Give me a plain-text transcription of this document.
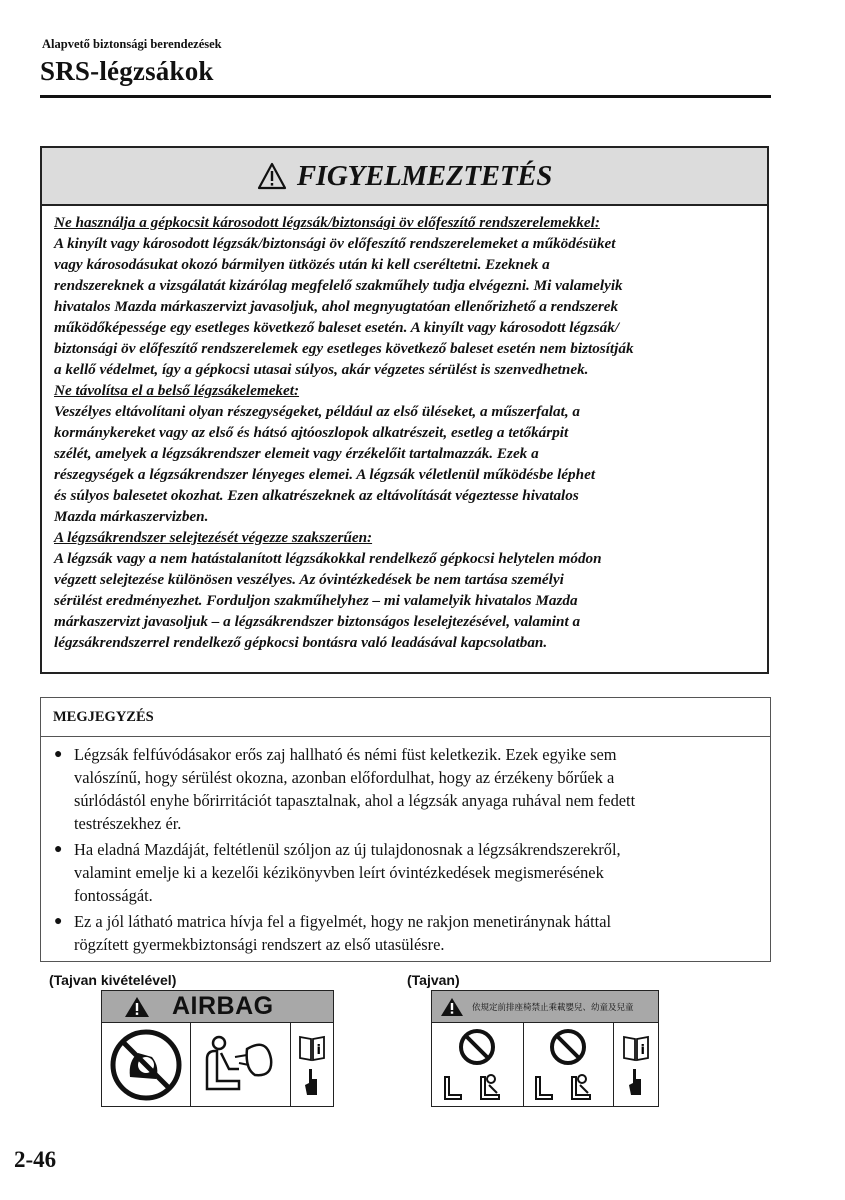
Alapvető biztonsági berendezések
SRS-légzsákok
FIGYELMEZTETÉS
Ne használja a gépkocsit károsodott légzsák/biztonsági öv előfeszítő rendszerelemekkel:
A kinyílt vagy károsodott légzsák/biztonsági öv előfeszítő rendszerelemeket a működésüket
vagy károsodásukat okozó bármilyen ütközés után ki kell cseréltetni. Ezeknek a
rendszereknek a vizsgálatát kizárólag megfelelő szakműhely tudja elvégezni. Mi valamelyik
hivatalos Mazda márkaszervizt javasoljuk, ahol megnyugtatóan ellenőrizhető a rendszerek
működőképessége egy esetleges következő baleset esetén. A kinyílt vagy károsodott légzsák/
biztonsági öv előfeszítő rendszerelemek egy esetleges következő baleset esetén nem biztosítják
a kellő védelmet, így a gépkocsi utasai súlyos, akár végzetes sérülést is szenvedhetnek.
Ne távolítsa el a belső légzsákelemeket:
Veszélyes eltávolítani olyan részegységeket, például az első üléseket, a műszerfalat, a
kormánykereket vagy az első és hátsó ajtóoszlopok alkatrészeit, esetleg a tetőkárpit
szélét, amelyek a légzsákrendszer elemeit vagy érzékelőit tartalmazzák. Ezek a
részegységek a légzsákrendszer lényeges elemei. A légzsák véletlenül működésbe léphet
és súlyos balesetet okozhat. Ezen alkatrészeknek az eltávolítását végeztesse hivatalos
Mazda márkaszervizben.
A légzsákrendszer selejtezését végezze szakszerűen:
A légzsák vagy a nem hatástalanított légzsákokkal rendelkező gépkocsi helytelen módon
végzett selejtezése különösen veszélyes. Az óvintézkedések be nem tartása személyi
sérülést eredményezhet. Forduljon szakműhelyhez – mi valamelyik hivatalos Mazda
márkaszervizt javasoljuk – a légzsákrendszer biztonságos leselejtezésével, valamint a
légzsákrendszerrel rendelkező gépkocsi bontásra való leadásával kapcsolatban.
MEGJEGYZÉS
● Légzsák felfúvódásakor erős zaj hallható és némi füst keletkezik. Ezek egyike sem
valószínű, hogy sérülést okozna, azonban előfordulhat, hogy az érzékeny bőrűek a
súrlódástól enyhe bőrirritációt tapasztalnak, ahol a légzsák anyaga ruhával nem fedett
testrészekhez ér.
● Ha eladná Mazdáját, feltétlenül szóljon az új tulajdonosnak a légzsákrendszerekről,
valamint emelje ki a kezelői kézikönyvben leírt óvintézkedések megismerésének
fontosságát.
● Ez a jól látható matrica hívja fel a figyelmét, hogy ne rakjon menetiránynak háttal
rögzített gyermekbiztonsági rendszert az első utasülésre.
(Tajvan kivételével)	(Tajvan)
AIRBAG
i
依規定前排座椅禁止乘載嬰兒、幼童及兒童
i
2-46
